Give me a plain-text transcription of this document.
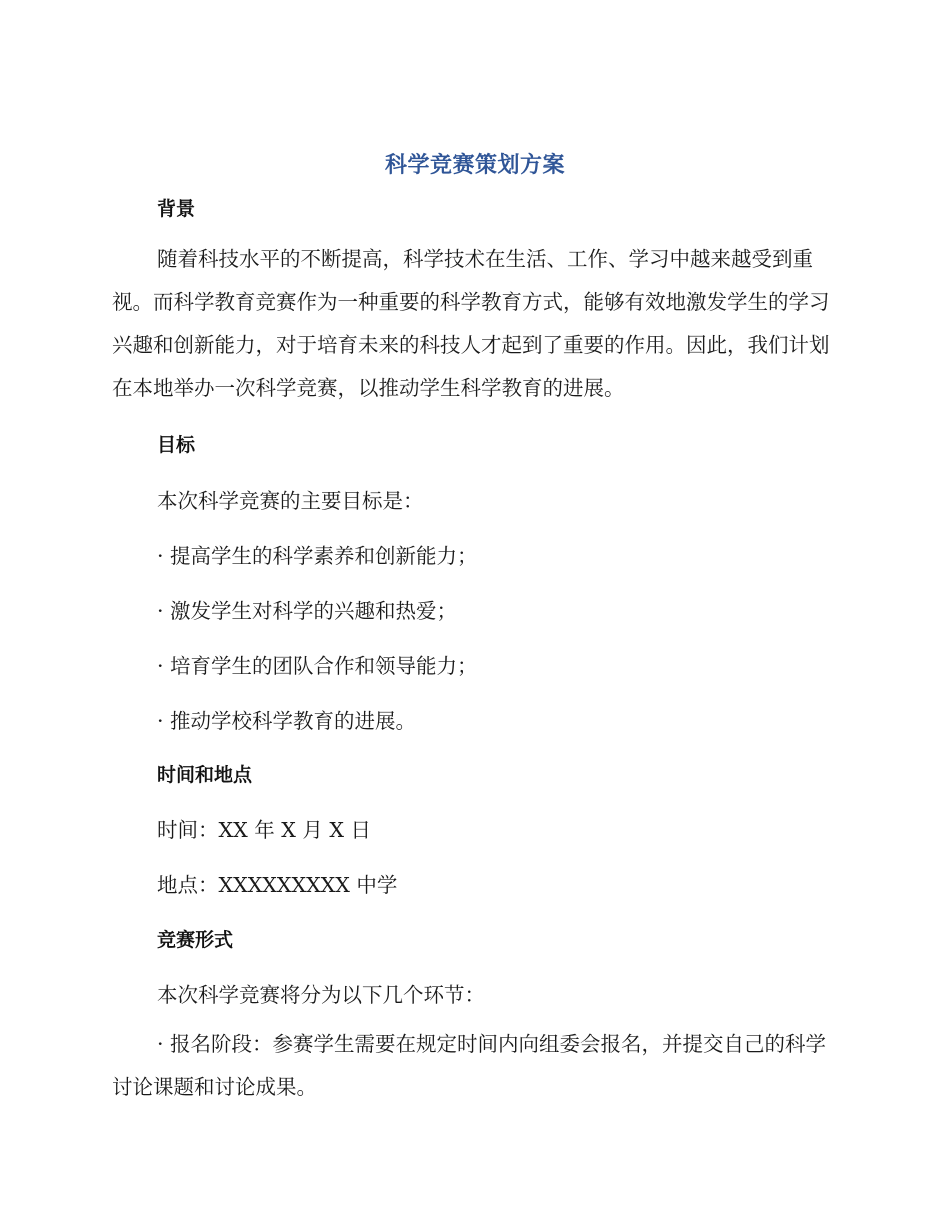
科学竞赛策划方案
背景
随着科技水平的不断提高，科学技术在生活、工作、学习中越来越受到重视。而科学教育竞赛作为一种重要的科学教育方式，能够有效地激发学生的学习兴趣和创新能力，对于培育未来的科技人才起到了重要的作用。因此，我们计划在本地举办一次科学竞赛，以推动学生科学教育的进展。
目标
本次科学竞赛的主要目标是：
· 提高学生的科学素养和创新能力；
· 激发学生对科学的兴趣和热爱；
· 培育学生的团队合作和领导能力；
· 推动学校科学教育的进展。
时间和地点
时间：XX 年 X 月 X 日
地点：XXXXXXXXX 中学
竞赛形式
本次科学竞赛将分为以下几个环节：
· 报名阶段：参赛学生需要在规定时间内向组委会报名，并提交自己的科学讨论课题和讨论成果。
